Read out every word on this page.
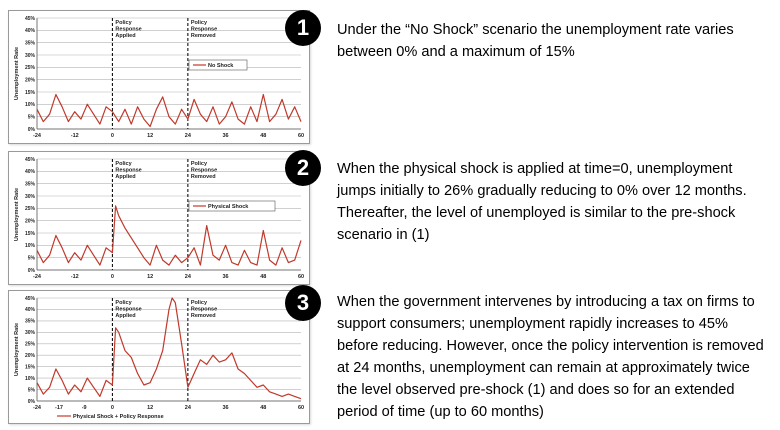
Unemployment Rate
0%
5%
10%
15%
20%
25%
30%
35%
40%
45%
-24	-12	0	12	24	36	48	60
Policy
Response
Applied
Policy
Response
Removed
No Shock
Unemployment Rate
0%
5%
10%
15%
20%
25%
30%
35%
40%
45%
-24	-12	0	12	24	36	48	60
Policy
Response
Applied
Policy
Response
Removed
Physical Shock
Unemployment Rate
0%
5%
10%
15%
20%
25%
30%
35%
40%
45%
-24	-17	-9	0	12	24	36	48	60
Policy
Response
Applied
Policy
Response
Removed
Physical Shock + Policy Response
1
2
3
Under the “No Shock” scenario the unemployment rate varies between 0% and a maximum of 15%
When the physical shock is applied at time=0, unemployment jumps initially to 26% gradually reducing to 0% over 12 months. Thereafter, the level of unemployed is similar to the pre-shock scenario in (1)
When the government intervenes by introducing a tax on firms to support consumers; unemployment rapidly increases to 45% before reducing. However, once the policy intervention is removed at 24 months, unemployment can remain at approximately twice the level observed pre-shock (1) and does so for an extended period of time (up to 60 months)
